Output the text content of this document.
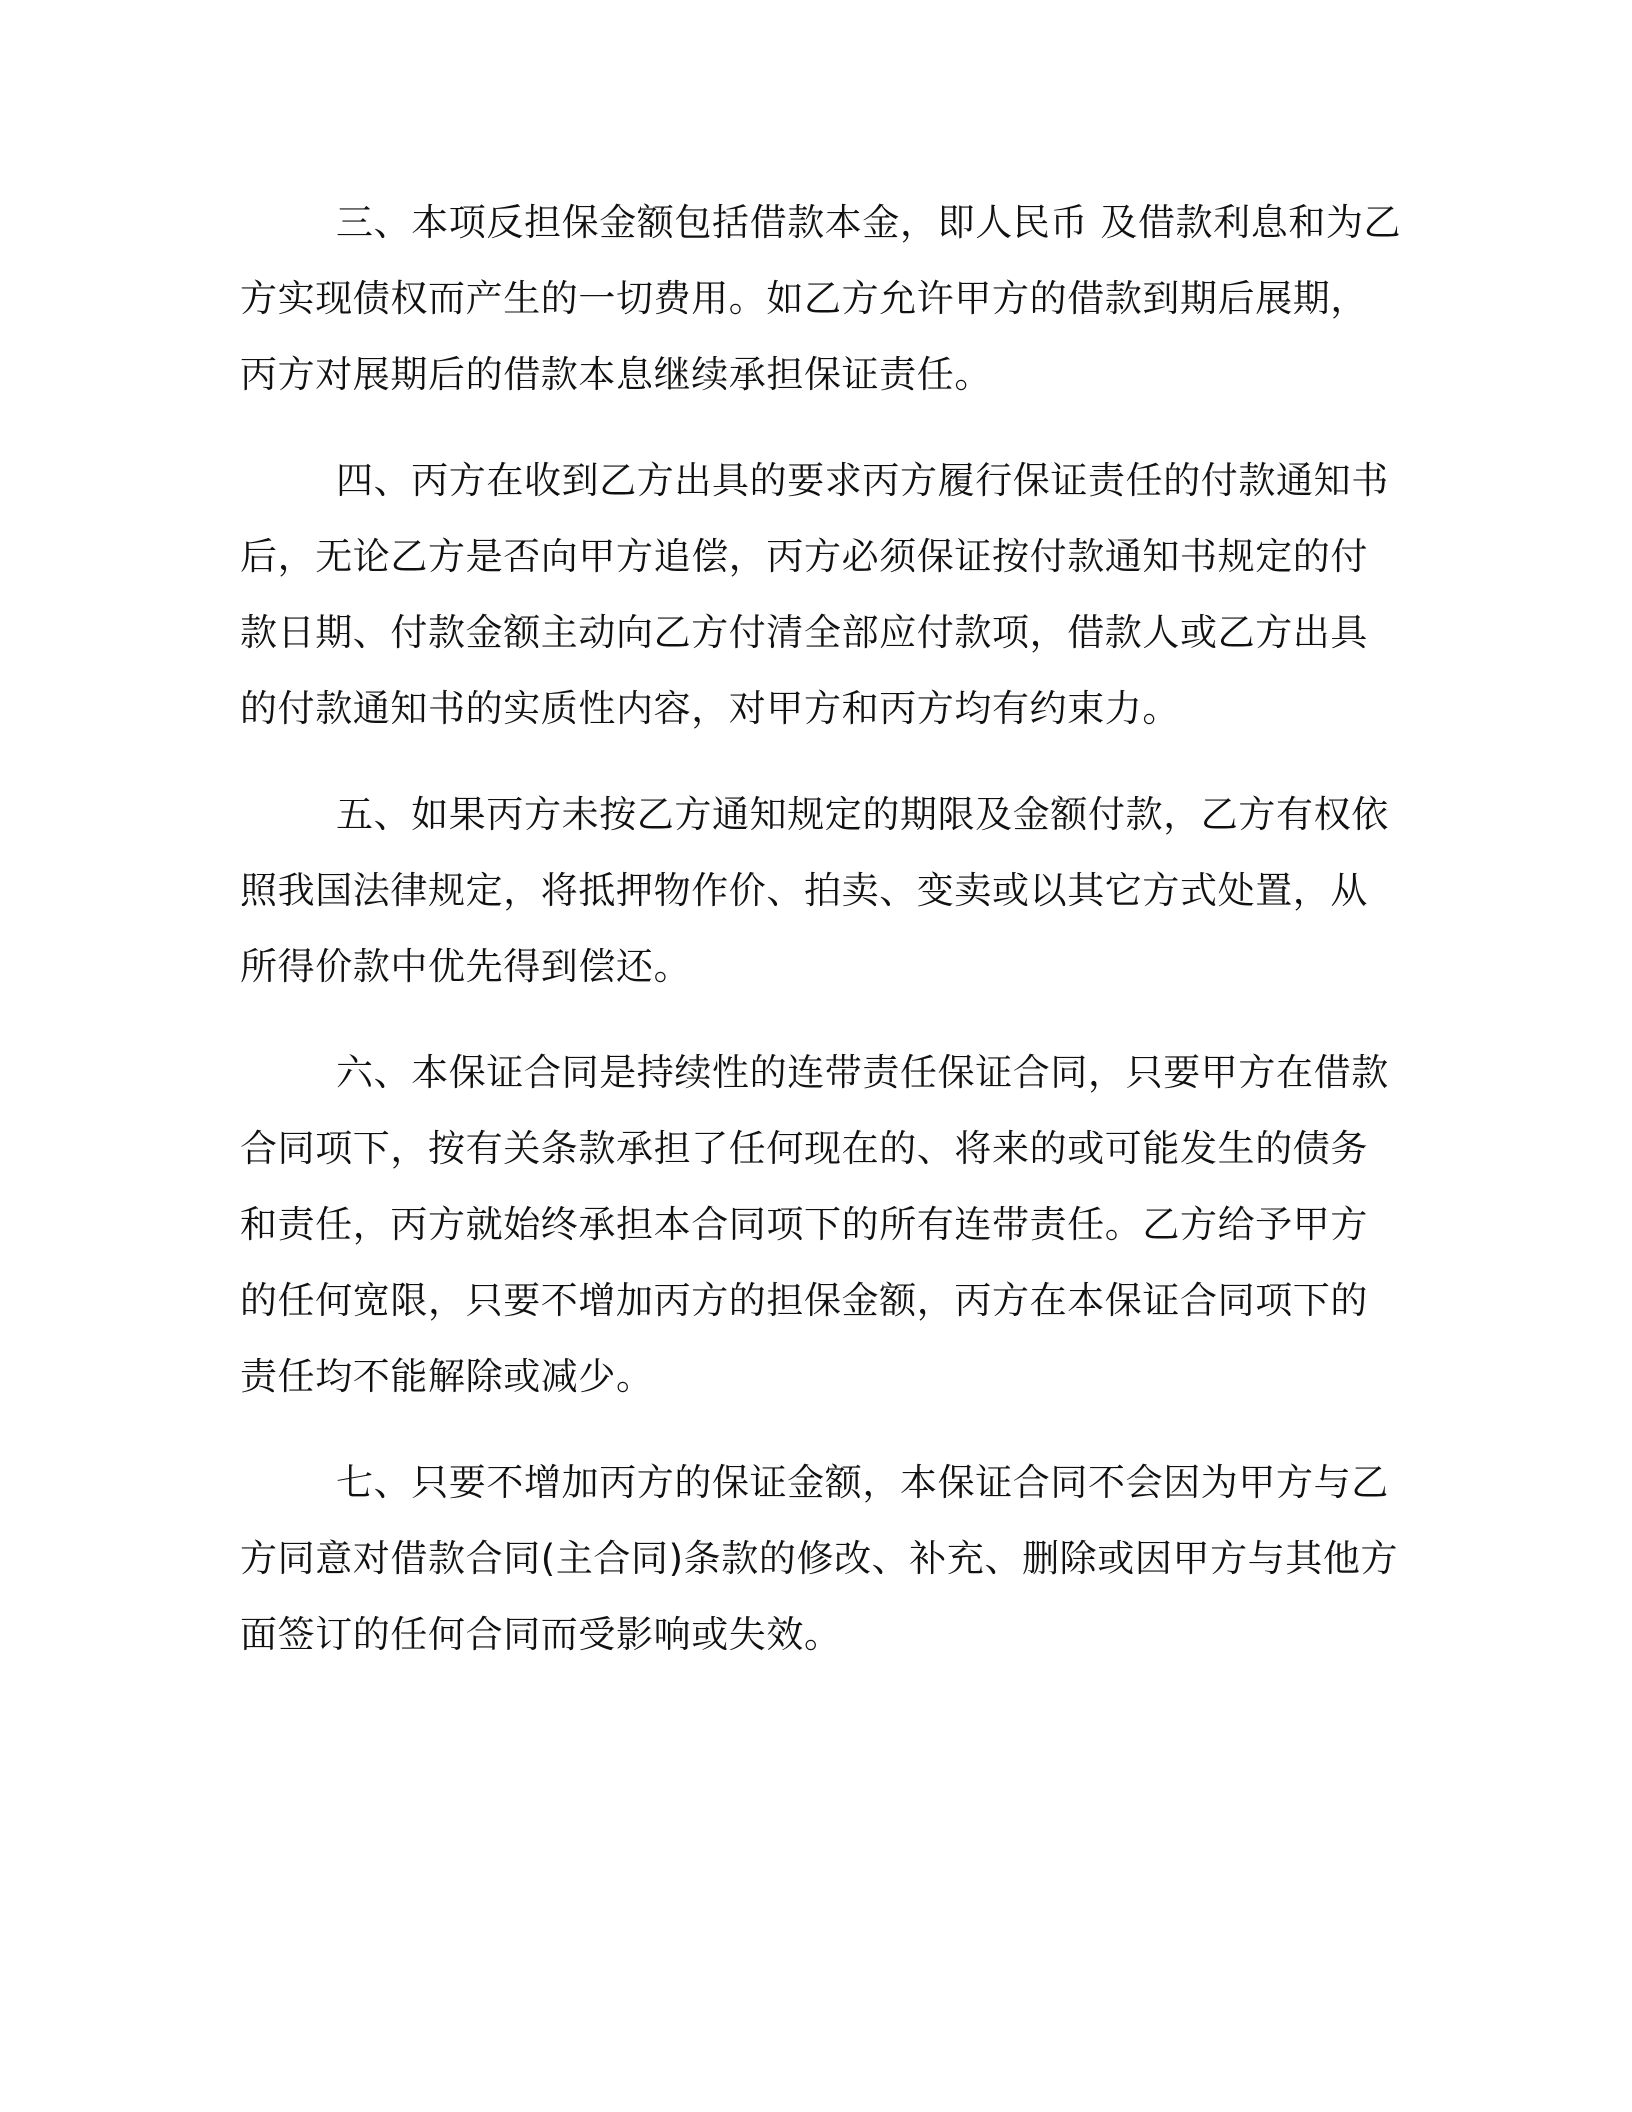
三、本项反担保金额包括借款本金，即人民币 及借款利息和为乙
方实现债权而产生的一切费用。如乙方允许甲方的借款到期后展期，
丙方对展期后的借款本息继续承担保证责任。
四、丙方在收到乙方出具的要求丙方履行保证责任的付款通知书
后，无论乙方是否向甲方追偿，丙方必须保证按付款通知书规定的付
款日期、付款金额主动向乙方付清全部应付款项，借款人或乙方出具
的付款通知书的实质性内容，对甲方和丙方均有约束力。
五、如果丙方未按乙方通知规定的期限及金额付款，乙方有权依
照我国法律规定，将抵押物作价、拍卖、变卖或以其它方式处置，从
所得价款中优先得到偿还。
六、本保证合同是持续性的连带责任保证合同，只要甲方在借款
合同项下，按有关条款承担了任何现在的、将来的或可能发生的债务
和责任，丙方就始终承担本合同项下的所有连带责任。乙方给予甲方
的任何宽限，只要不增加丙方的担保金额，丙方在本保证合同项下的
责任均不能解除或减少。
七、只要不增加丙方的保证金额，本保证合同不会因为甲方与乙
方同意对借款合同(主合同)条款的修改、补充、删除或因甲方与其他方
面签订的任何合同而受影响或失效。
